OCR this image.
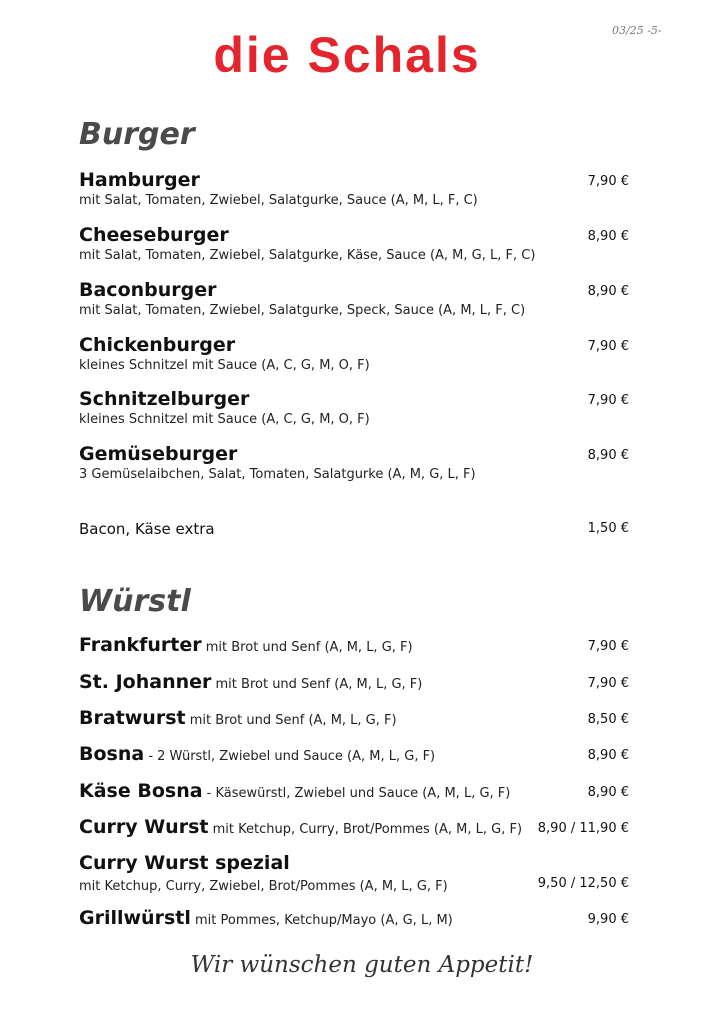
03/25 -5-
die Schals
Burger
Hamburger	7,90 €
mit Salat, Tomaten, Zwiebel, Salatgurke, Sauce (A, M, L, F, C)
Cheeseburger	8,90 €
mit Salat, Tomaten, Zwiebel, Salatgurke, Käse, Sauce (A, M, G, L, F, C)
Baconburger	8,90 €
mit Salat, Tomaten, Zwiebel, Salatgurke, Speck, Sauce (A, M, L, F, C)
Chickenburger	7,90 €
kleines Schnitzel mit Sauce (A, C, G, M, O, F)
Schnitzelburger	7,90 €
kleines Schnitzel mit Sauce (A, C, G, M, O, F)
Gemüseburger	8,90 €
3 Gemüselaibchen, Salat, Tomaten, Salatgurke (A, M, G, L, F)
Bacon, Käse extra	1,50 €
Würstl
Frankfurter mit Brot und Senf (A, M, L, G, F)	7,90 €
St. Johanner mit Brot und Senf (A, M, L, G, F)	7,90 €
Bratwurst mit Brot und Senf (A, M, L, G, F)	8,50 €
Bosna - 2 Würstl, Zwiebel und Sauce (A, M, L, G, F)	8,90 €
Käse Bosna - Käsewürstl, Zwiebel und Sauce (A, M, L, G, F)	8,90 €
Curry Wurst mit Ketchup, Curry, Brot/Pommes (A, M, L, G, F) 8,90 / 11,90 €
Curry Wurst spezial
mit Ketchup, Curry, Zwiebel, Brot/Pommes (A, M, L, G, F)	9,50 / 12,50 €
Grillwürstl mit Pommes, Ketchup/Mayo (A, G, L, M)	9,90 €
Wir wünschen guten Appetit!
